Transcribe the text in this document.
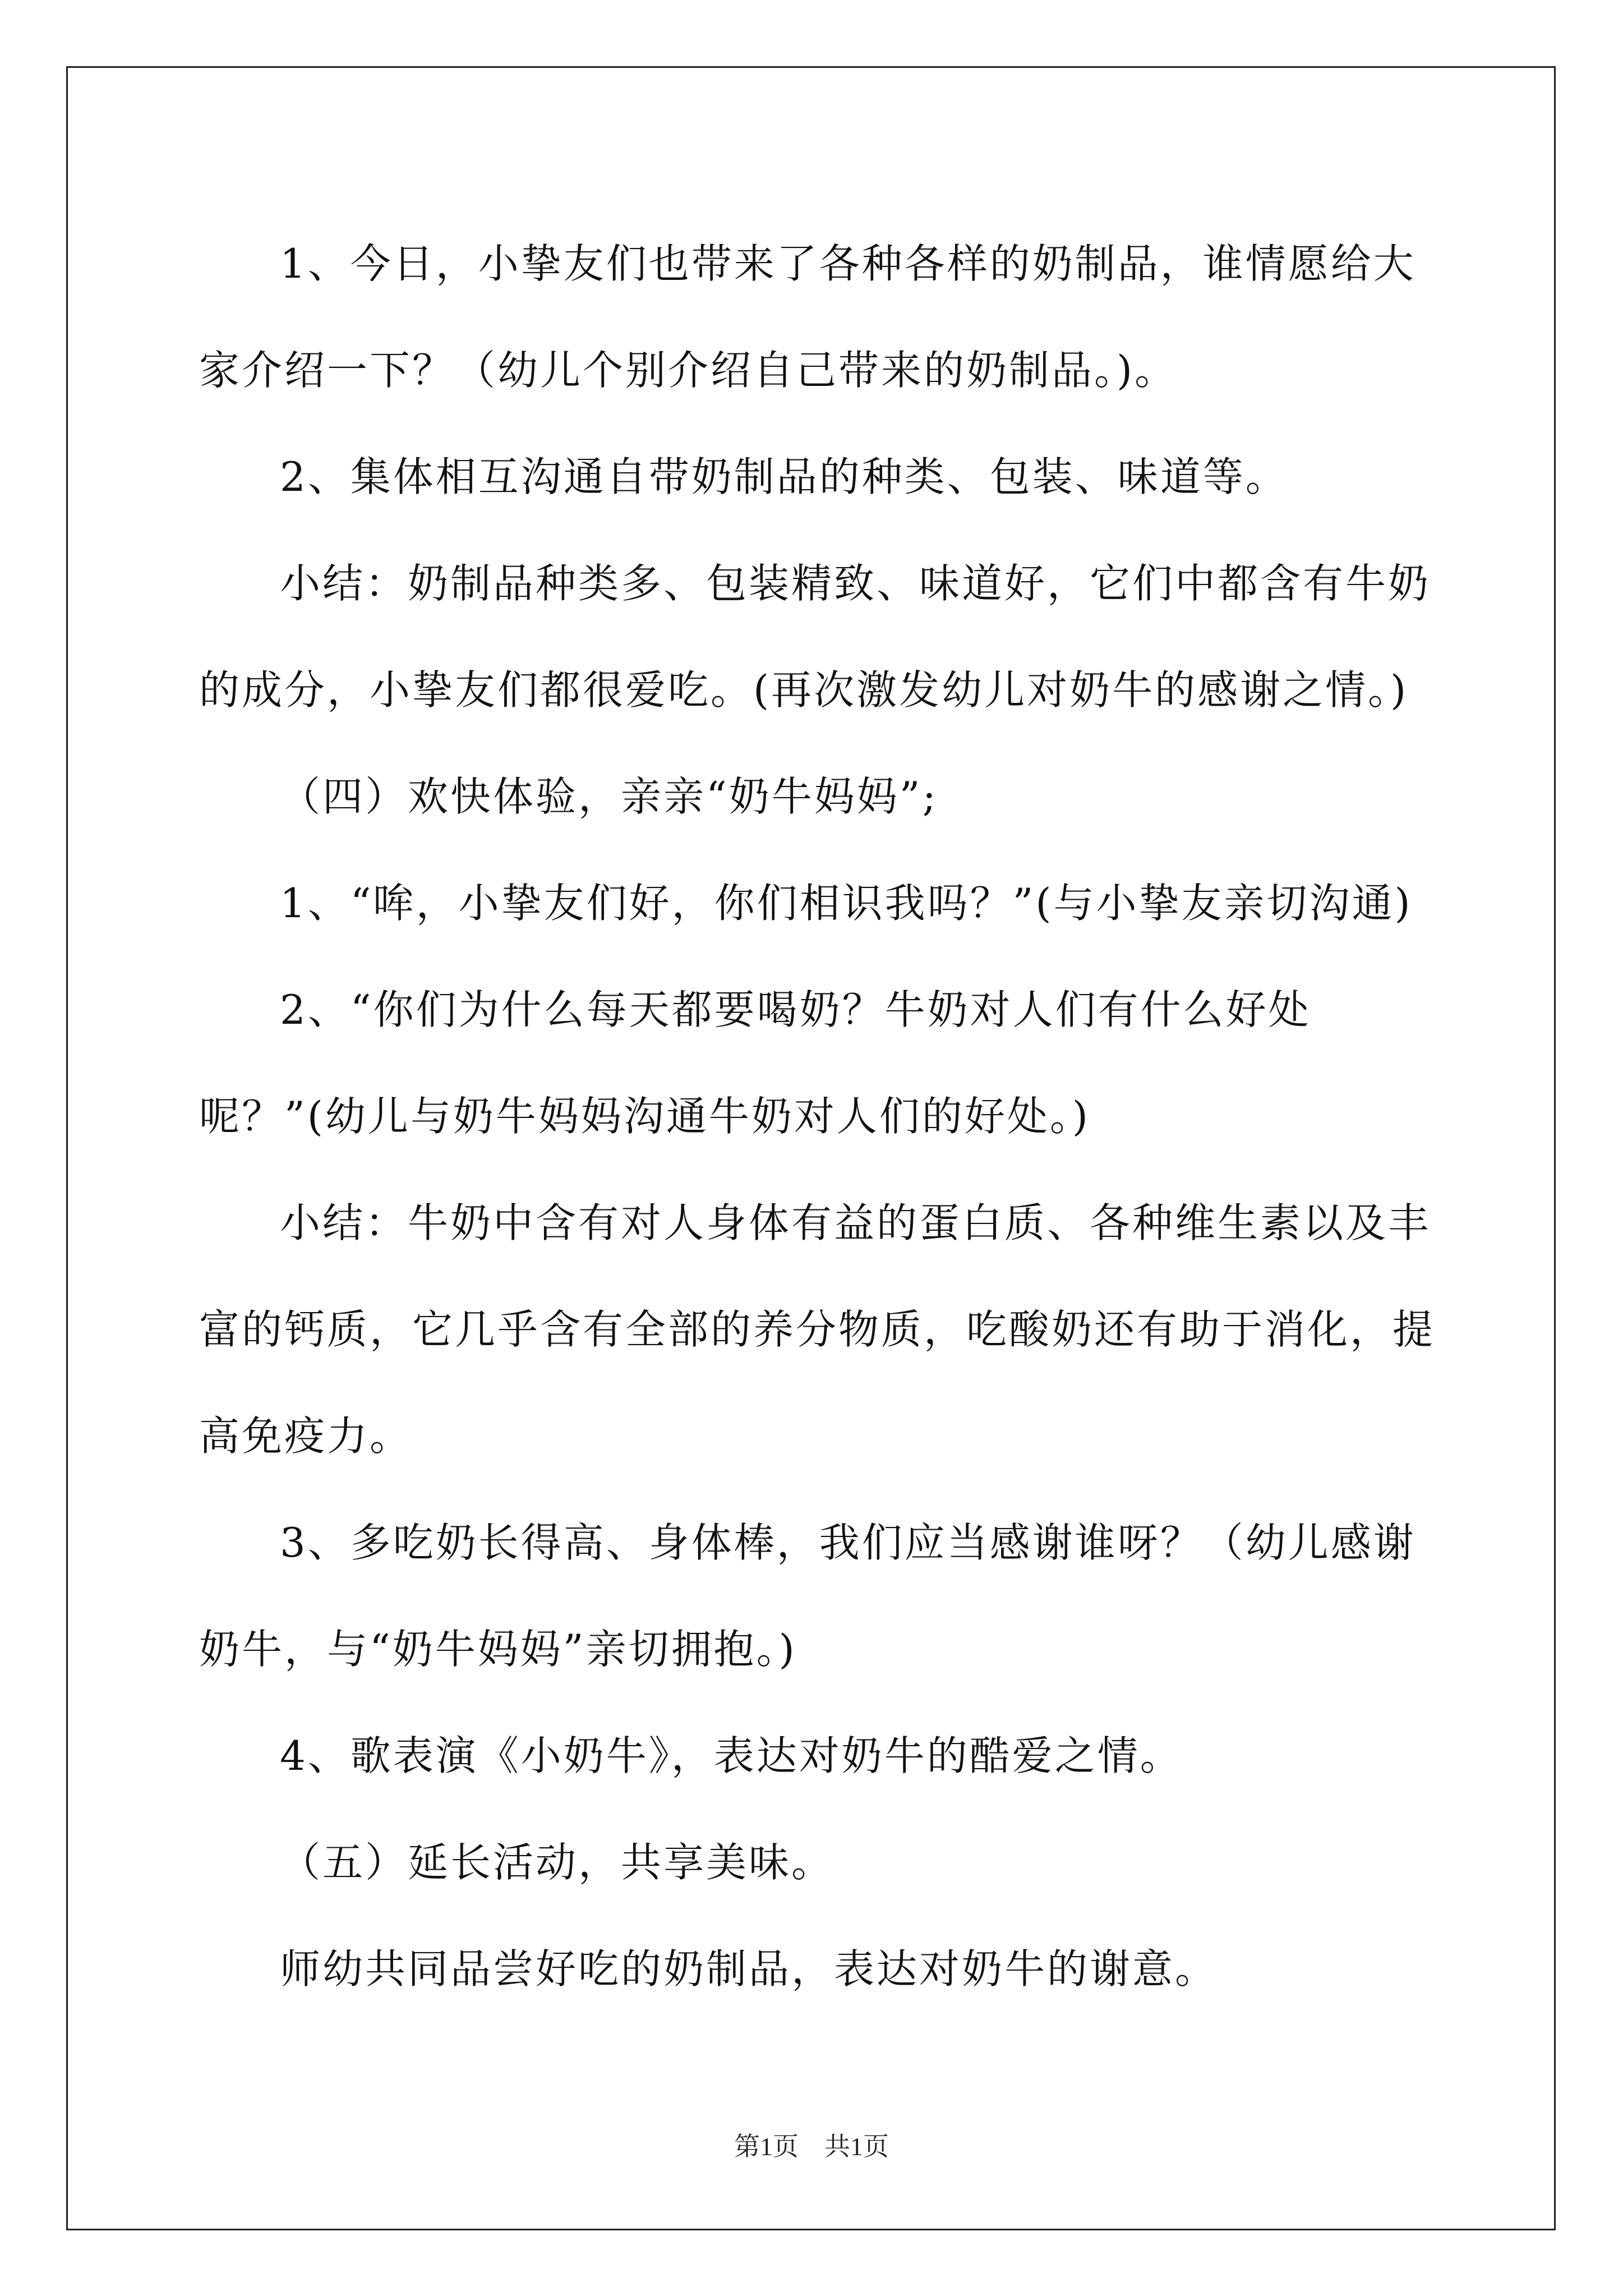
1、今日，小挚友们也带来了各种各样的奶制品，谁情愿给大家介绍一下？（幼儿个别介绍自己带来的奶制品。)。

2、集体相互沟通自带奶制品的种类、包装、味道等。

小结：奶制品种类多、包装精致、味道好，它们中都含有牛奶的成分，小挚友们都很爱吃。(再次激发幼儿对奶牛的感谢之情。)

（四）欢快体验，亲亲“奶牛妈妈”;

1、“哞，小挚友们好，你们相识我吗？”(与小挚友亲切沟通)

2、“你们为什么每天都要喝奶？牛奶对人们有什么好处呢？”(幼儿与奶牛妈妈沟通牛奶对人们的好处。)

小结：牛奶中含有对人身体有益的蛋白质、各种维生素以及丰富的钙质，它几乎含有全部的养分物质，吃酸奶还有助于消化，提高免疫力。

3、多吃奶长得高、身体棒，我们应当感谢谁呀？（幼儿感谢奶牛，与“奶牛妈妈”亲切拥抱。)

4、歌表演《小奶牛》，表达对奶牛的酷爱之情。

（五）延长活动，共享美味。

师幼共同品尝好吃的奶制品，表达对奶牛的谢意。

第1页　共1页
